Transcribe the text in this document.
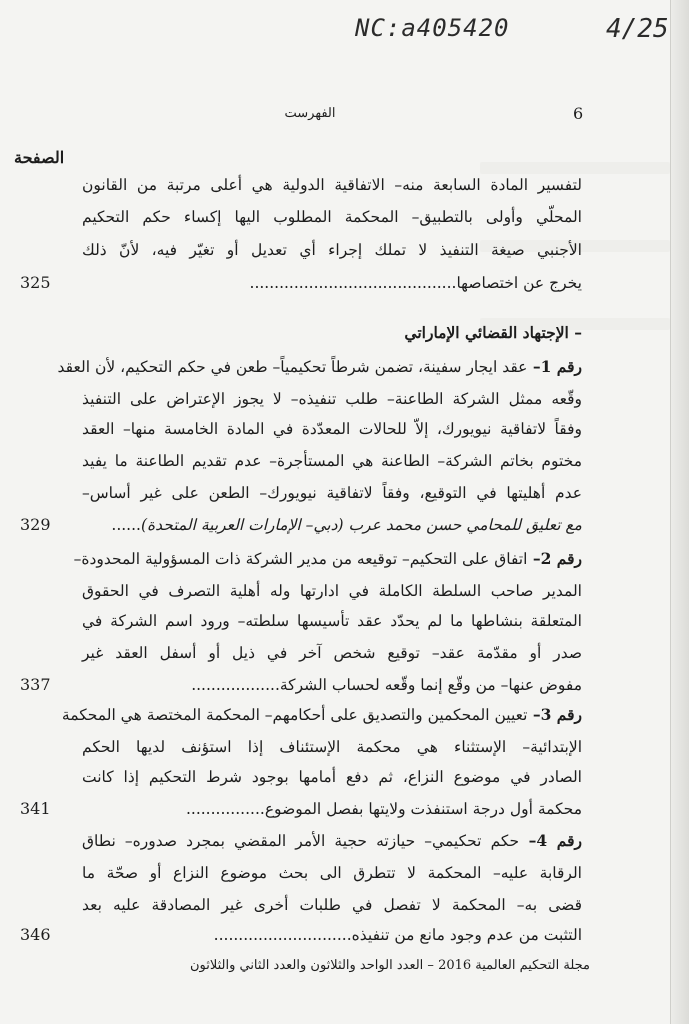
NC:a405420	4/25
6
الفهرست
الصفحة
لتفسير المادة السابعة منه– الاتفاقية الدولية هي أعلى مرتبة من القانون
المحلّي وأولى بالتطبيق– المحكمة المطلوب اليها إكساء حكم التحكيم
الأجنبي صيغة التنفيذ لا تملك إجراء أي تعديل أو تغيّر فيه، لأنّ ذلك
325	يخرج عن اختصاصها..........................................
– الإجتهاد القضائي الإماراتي
رقم 1– عقد ايجار سفينة، تضمن شرطاً تحكيمياً– طعن في حكم التحكيم، لأن العقد
وقّعه ممثل الشركة الطاعنة– طلب تنفيذه– لا يجوز الإعتراض على التنفيذ
وفقاً لاتفاقية نيويورك، إلاّ للحالات المعدّدة في المادة الخامسة منها– العقد
مختوم بخاتم الشركة– الطاعنة هي المستأجرة– عدم تقديم الطاعنة ما يفيد
عدم أهليتها في التوقيع، وفقاً لاتفاقية نيويورك– الطعن على غير أساس–
329	مع تعليق للمحامي حسن محمد عرب (دبي– الإمارات العربية المتحدة)......
رقم 2– اتفاق على التحكيم– توقيعه من مدير الشركة ذات المسؤولية المحدودة–
المدير صاحب السلطة الكاملة في ادارتها وله أهلية التصرف في الحقوق
المتعلقة بنشاطها ما لم يحدّد عقد تأسيسها سلطته– ورود اسم الشركة في
صدر أو مقدّمة عقد– توقيع شخص آخر في ذيل أو أسفل العقد غير
337	مفوض عنها– من وقّع إنما وقّعه لحساب الشركة..................
رقم 3– تعيين المحكمين والتصديق على أحكامهم– المحكمة المختصة هي المحكمة
الإبتدائية– الإستثناء هي محكمة الإستئناف إذا استؤنف لديها الحكم
الصادر في موضوع النزاع، ثم دفع أمامها بوجود شرط التحكيم إذا كانت
341	محكمة أول درجة استنفذت ولايتها بفصل الموضوع................
رقم 4– حكم تحكيمي– حيازته حجية الأمر المقضي بمجرد صدوره– نطاق
الرقابة عليه– المحكمة لا تتطرق الى بحث موضوع النزاع أو صحّة ما
قضى به– المحكمة لا تفصل في طلبات أخرى غير المصادقة عليه بعد
346	التثبت من عدم وجود مانع من تنفيذه............................
مجلة التحكيم العالمية 2016 – العدد الواحد والثلاثون والعدد الثاني والثلاثون
